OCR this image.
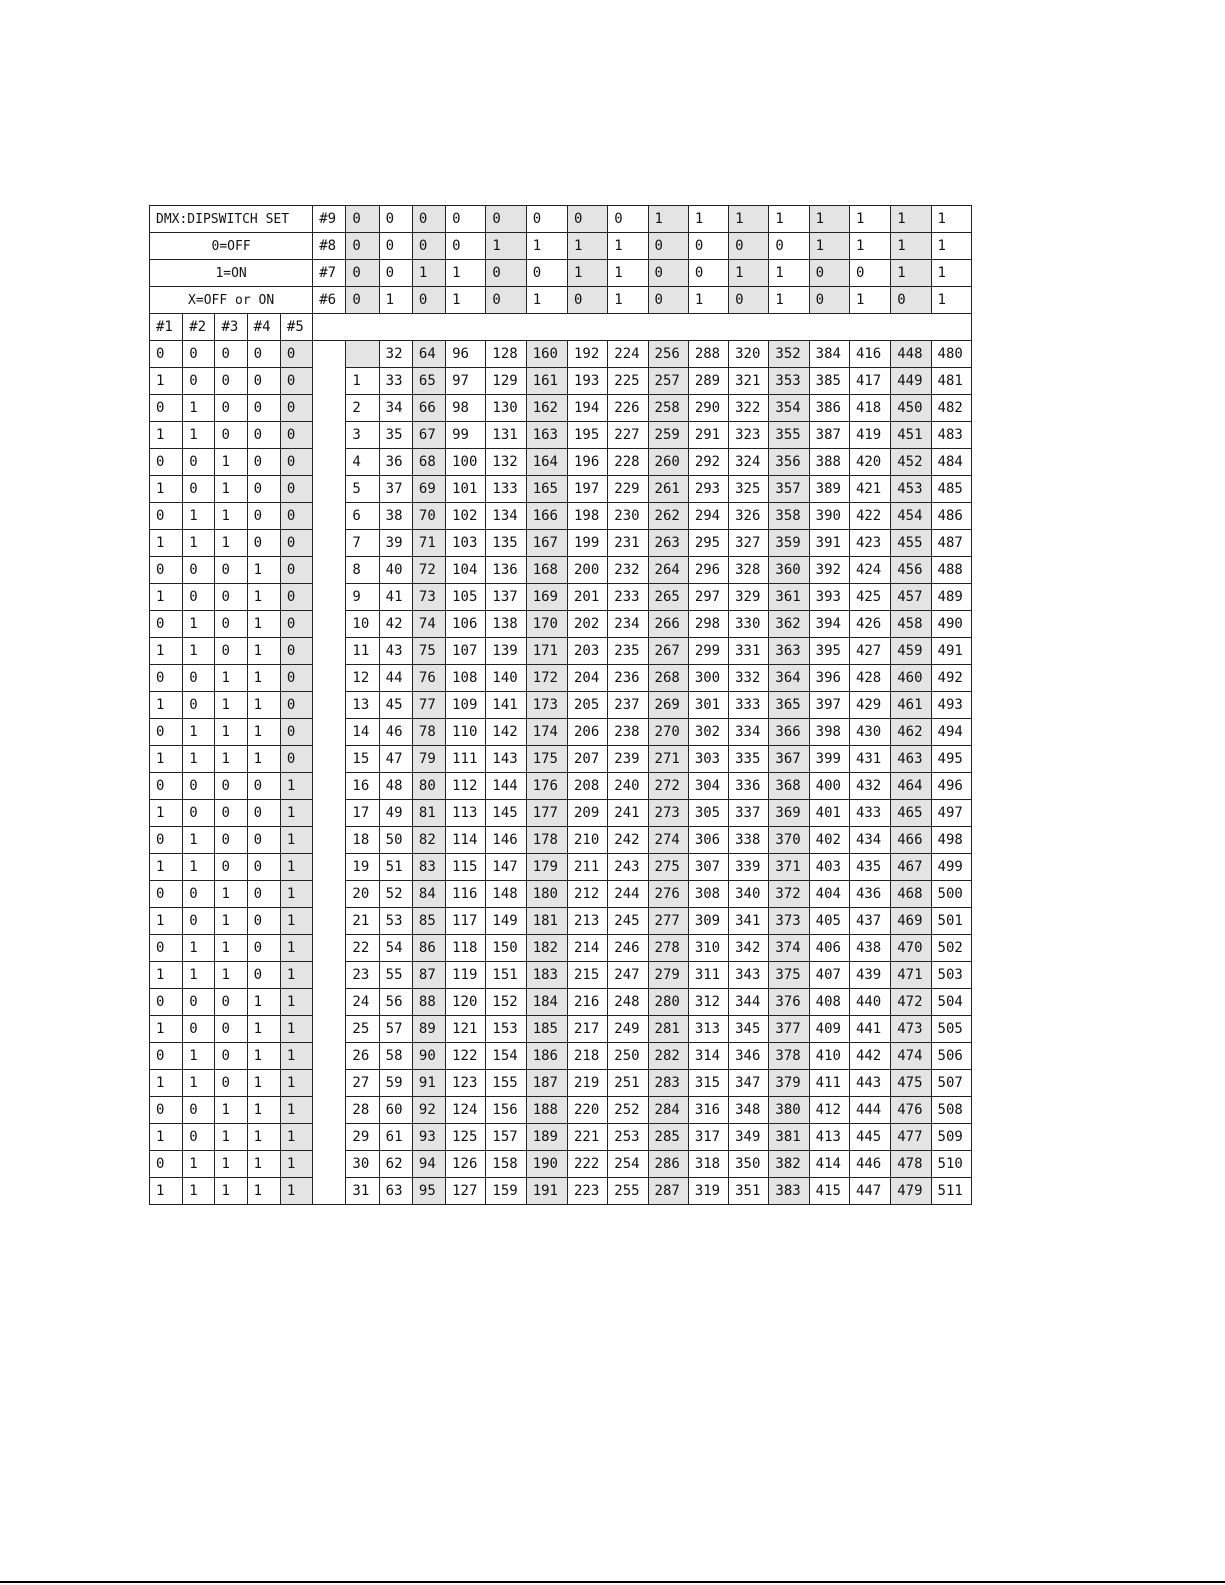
DMX:DIPSWITCH SET					#9	0	0	0	0	0	0	0	0	1	1	1	1	1	1	1	1
0=OFF					#8	0	0	0	0	1	1	1	1	0	0	0	0	1	1	1	1
1=ON					#7	0	0	1	1	0	0	1	1	0	0	1	1	0	0	1	1
X=OFF or ON					#6	0	1	0	1	0	1	0	1	0	1	0	1	0	1	0	1
#1	#2	#3	#4	#5																	
0	0	0	0	0			32	64	96	128	160	192	224	256	288	320	352	384	416	448	480
1	0	0	0	0		1	33	65	97	129	161	193	225	257	289	321	353	385	417	449	481
0	1	0	0	0		2	34	66	98	130	162	194	226	258	290	322	354	386	418	450	482
1	1	0	0	0		3	35	67	99	131	163	195	227	259	291	323	355	387	419	451	483
0	0	1	0	0		4	36	68	100	132	164	196	228	260	292	324	356	388	420	452	484
1	0	1	0	0		5	37	69	101	133	165	197	229	261	293	325	357	389	421	453	485
0	1	1	0	0		6	38	70	102	134	166	198	230	262	294	326	358	390	422	454	486
1	1	1	0	0		7	39	71	103	135	167	199	231	263	295	327	359	391	423	455	487
0	0	0	1	0		8	40	72	104	136	168	200	232	264	296	328	360	392	424	456	488
1	0	0	1	0		9	41	73	105	137	169	201	233	265	297	329	361	393	425	457	489
0	1	0	1	0		10	42	74	106	138	170	202	234	266	298	330	362	394	426	458	490
1	1	0	1	0		11	43	75	107	139	171	203	235	267	299	331	363	395	427	459	491
0	0	1	1	0		12	44	76	108	140	172	204	236	268	300	332	364	396	428	460	492
1	0	1	1	0		13	45	77	109	141	173	205	237	269	301	333	365	397	429	461	493
0	1	1	1	0		14	46	78	110	142	174	206	238	270	302	334	366	398	430	462	494
1	1	1	1	0		15	47	79	111	143	175	207	239	271	303	335	367	399	431	463	495
0	0	0	0	1		16	48	80	112	144	176	208	240	272	304	336	368	400	432	464	496
1	0	0	0	1		17	49	81	113	145	177	209	241	273	305	337	369	401	433	465	497
0	1	0	0	1		18	50	82	114	146	178	210	242	274	306	338	370	402	434	466	498
1	1	0	0	1		19	51	83	115	147	179	211	243	275	307	339	371	403	435	467	499
0	0	1	0	1		20	52	84	116	148	180	212	244	276	308	340	372	404	436	468	500
1	0	1	0	1		21	53	85	117	149	181	213	245	277	309	341	373	405	437	469	501
0	1	1	0	1		22	54	86	118	150	182	214	246	278	310	342	374	406	438	470	502
1	1	1	0	1		23	55	87	119	151	183	215	247	279	311	343	375	407	439	471	503
0	0	0	1	1		24	56	88	120	152	184	216	248	280	312	344	376	408	440	472	504
1	0	0	1	1		25	57	89	121	153	185	217	249	281	313	345	377	409	441	473	505
0	1	0	1	1		26	58	90	122	154	186	218	250	282	314	346	378	410	442	474	506
1	1	0	1	1		27	59	91	123	155	187	219	251	283	315	347	379	411	443	475	507
0	0	1	1	1		28	60	92	124	156	188	220	252	284	316	348	380	412	444	476	508
1	0	1	1	1		29	61	93	125	157	189	221	253	285	317	349	381	413	445	477	509
0	1	1	1	1		30	62	94	126	158	190	222	254	286	318	350	382	414	446	478	510
1	1	1	1	1		31	63	95	127	159	191	223	255	287	319	351	383	415	447	479	511
